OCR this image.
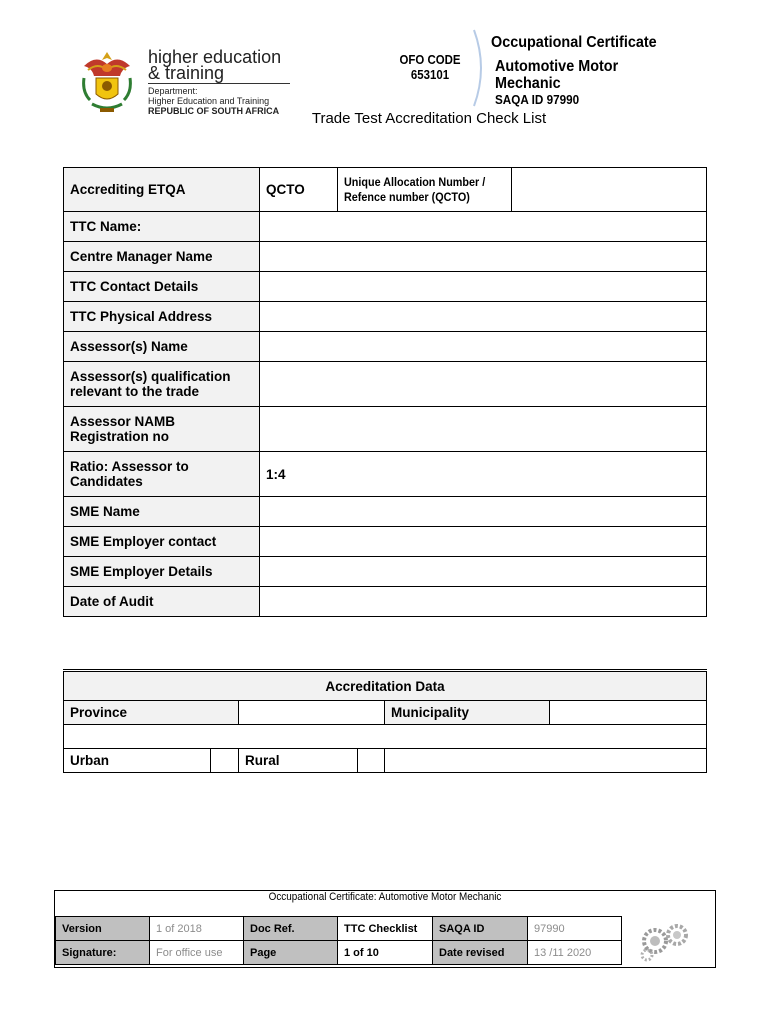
higher education
& training
Department:
Higher Education and Training
REPUBLIC OF SOUTH AFRICA
OFO CODE
653101
Occupational Certificate
Automotive Motor
Mechanic
SAQA ID 97990
Trade Test Accreditation Check List
Accrediting ETQA	QCTO	Unique Allocation Number /
Refence number (QCTO)	

TTC Name:			
Centre Manager Name			
TTC Contact Details			
TTC Physical Address			
Assessor(s) Name			
Assessor(s) qualification relevant to the trade			
Assessor NAMB Registration no			
Ratio: Assessor to Candidates	1:4		
SME Name			
SME Employer contact			
SME Employer Details			
Date of Audit			
Accreditation Data					
Province				Municipality	

Urban		Rural			
Occupational Certificate: Automotive Motor Mechanic
Version	1 of 2018	Doc Ref.	TTC Checklist	SAQA ID	97990
Signature:	For office use	Page	1 of 10	Date revised	13 /11 2020
